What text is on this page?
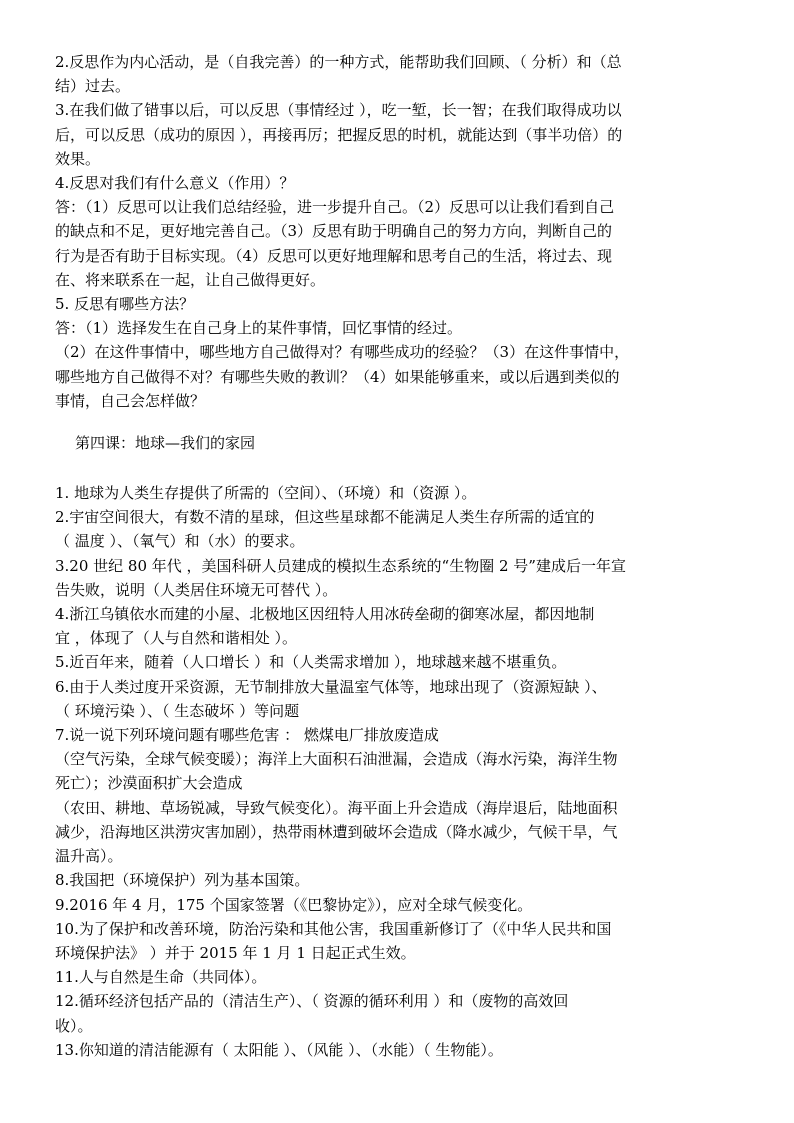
2.反思作为内心活动，是（自我完善）的一种方式，能帮助我们回顾、（ 分析）和（总
结）过去。
3.在我们做了错事以后，可以反思（事情经过 ），吃一堑，长一智；在我们取得成功以
后，可以反思（成功的原因 ），再接再厉；把握反思的时机，就能达到（事半功倍）的
效果。
4.反思对我们有什么意义（作用）？
答：（1）反思可以让我们总结经验，进一步提升自己。（2）反思可以让我们看到自己
的缺点和不足，更好地完善自己。（3）反思有助于明确自己的努力方向，判断自己的
行为是否有助于目标实现。（4）反思可以更好地理解和思考自己的生活，将过去、现
在、将来联系在一起，让自己做得更好。
5. 反思有哪些方法？
答：（1）选择发生在自己身上的某件事情，回忆事情的经过。
（2）在这件事情中，哪些地方自己做得对？有哪些成功的经验？（3）在这件事情中，
哪些地方自己做得不对？有哪些失败的教训？（4）如果能够重来，或以后遇到类似的
事情，自己会怎样做？
第四课：地球—我们的家园
1. 地球为人类生存提供了所需的（空间）、（环境）和（资源 ）。
2.宇宙空间很大，有数不清的星球，但这些星球都不能满足人类生存所需的适宜的
（ 温度 ）、（氧气）和（水）的要求。
3.20 世纪 80 年代 ，美国科研人员建成的模拟生态系统的“生物圈 2 号”建成后一年宣
告失败，说明（人类居住环境无可替代 ）。
4.浙江乌镇依水而建的小屋、北极地区因纽特人用冰砖垒砌的御寒冰屋，都因地制
宜 ，体现了（人与自然和谐相处 ）。
5.近百年来，随着（人口增长 ）和（人类需求增加 ），地球越来越不堪重负。
6.由于人类过度开采资源，无节制排放大量温室气体等，地球出现了（资源短缺 ）、
（ 环境污染 ）、（ 生态破坏 ）等问题
7.说一说下列环境问题有哪些危害 ： 燃煤电厂排放废造成
（空气污染，全球气候变暖）；海洋上大面积石油泄漏，会造成（海水污染，海洋生物
死亡）；沙漠面积扩大会造成
（农田、耕地、草场锐减，导致气候变化）。海平面上升会造成（海岸退后，陆地面积
减少，沿海地区洪涝灾害加剧），热带雨林遭到破坏会造成（降水减少，气候干旱，气
温升高）。
8.我国把（环境保护）列为基本国策。
9.2016 年 4 月，175 个国家签署（《巴黎协定》），应对全球气候变化。
10.为了保护和改善环境，防治污染和其他公害，我国重新修订了（《中华人民共和国
环境保护法》 ）并于 2015 年 1 月 1 日起正式生效。
11.人与自然是生命（共同体）。
12.循环经济包括产品的（清洁生产）、（ 资源的循环利用 ）和（废物的高效回
收）。
13.你知道的清洁能源有（ 太阳能 ）、（风能 ）、（水能）（ 生物能）。
